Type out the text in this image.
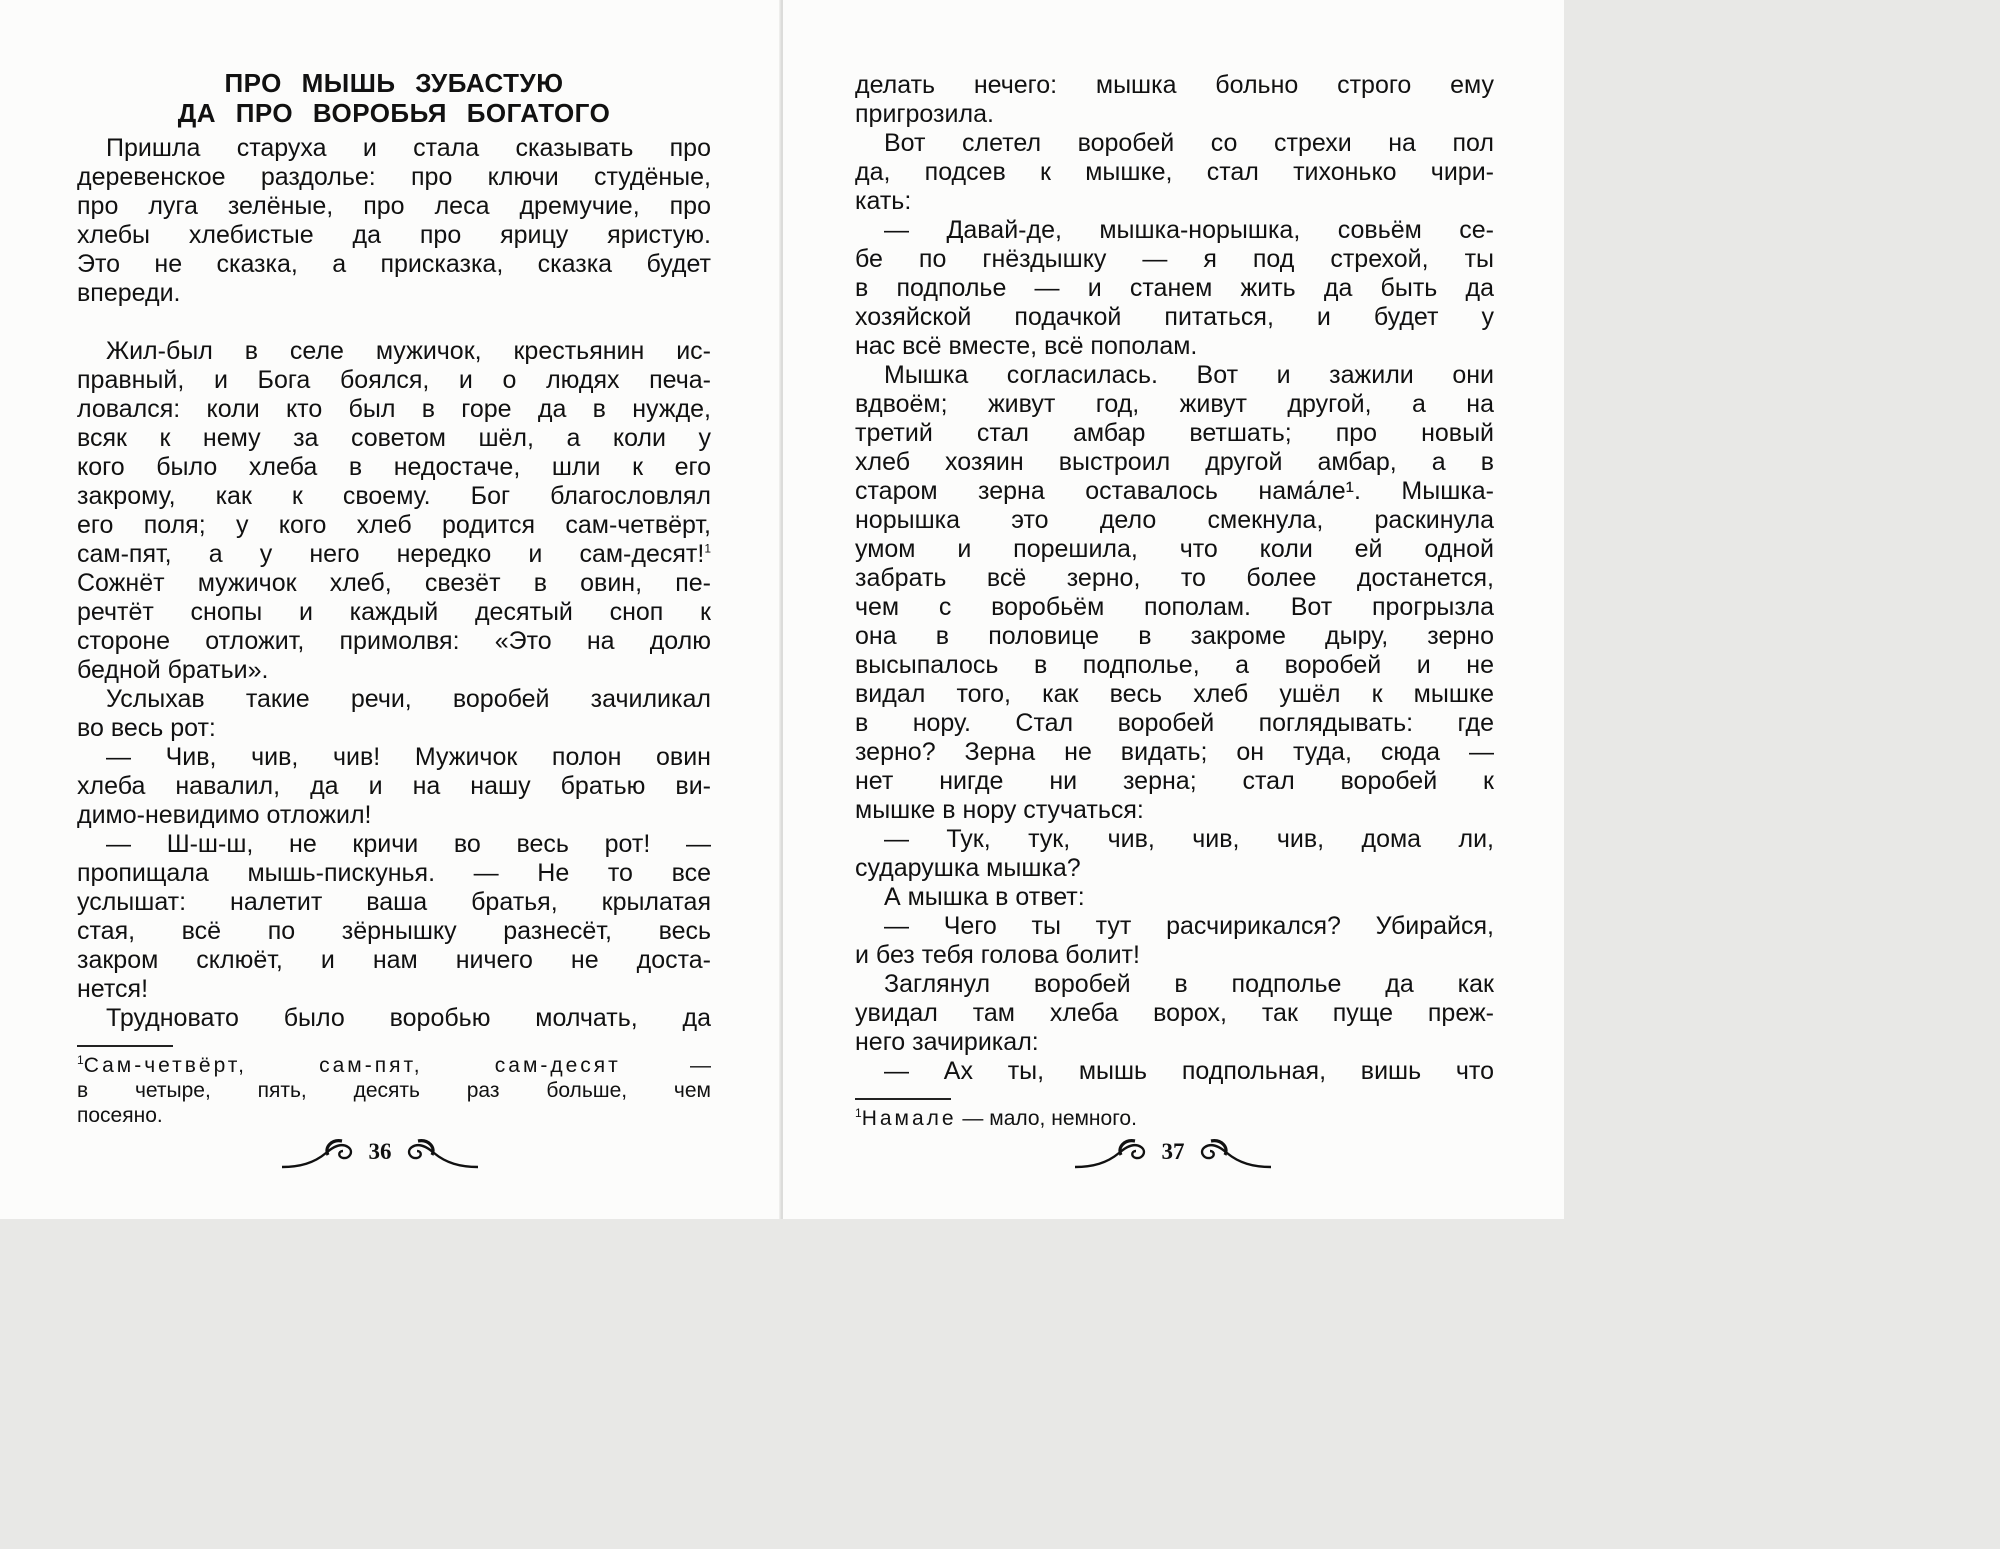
ПРО МЫШЬ ЗУБАСТУЮ
ДА ПРО ВОРОБЬЯ БОГАТОГО
Пришла старуха и стала сказывать про
деревенское раздолье: про ключи студёные,
про луга зелёные, про леса дремучие, про
хлебы хлебистые да про ярицу яристую.
Это не сказка, а присказка, сказка будет
впереди.
Жил-был в селе мужичок, крестьянин ис-
правный, и Бога боялся, и о людях печа-
ловался: коли кто был в горе да в нужде,
всяк к нему за советом шёл, а коли у
кого было хлеба в недостаче, шли к его
закрому, как к своему. Бог благословлял
его поля; у кого хлеб родится сам-четвёрт,
сам-пят, а у него нередко и сам-десят!$^1$
Сожнёт мужичок хлеб, свезёт в овин, пе-
речтёт снопы и каждый десятый сноп к
стороне отложит, примолвя: «Это на долю
бедной братьи».
Услыхав такие речи, воробей зачиликал
во весь рот:
— Чив, чив, чив! Мужичок полон овин
хлеба навалил, да и на нашу братью ви-
димо-невидимо отложил!
— Ш-ш-ш, не кричи во весь рот! —
пропищала мышь-пискунья. — Не то все
услышат: налетит ваша братья, крылатая
стая, всё по зёрнышку разнесёт, весь
закром склюёт, и нам ничего не доста-
нется!
Трудновато было воробью молчать, да
$^1$Сам-четвёрт, сам-пят, сам-десят —
в четыре, пять, десять раз больше, чем
посеяно.
36
делать нечего: мышка больно строго ему
пригрозила.
Вот слетел воробей со стрехи на пол
да, подсев к мышке, стал тихонько чири-
кать:
— Давай-де, мышка-норышка, совьём се-
бе по гнёздышку — я под стрехой, ты
в подполье — и станем жить да быть да
хозяйской подачкой питаться, и будет у
нас всё вместе, всё пополам.
Мышка согласилась. Вот и зажили они
вдвоём; живут год, живут другой, а на
третий стал амбар ветшать; про новый
хлеб хозяин выстроил другой амбар, а в
старом зерна оставалось нама́ле¹. Мышка-
норышка это дело смекнула, раскинула
умом и порешила, что коли ей одной
забрать всё зерно, то более достанется,
чем с воробьём пополам. Вот прогрызла
она в половице в закроме дыру, зерно
высыпалось в подполье, а воробей и не
видал того, как весь хлеб ушёл к мышке
в нору. Стал воробей поглядывать: где
зерно? Зерна не видать; он туда, сюда —
нет нигде ни зерна; стал воробей к
мышке в нору стучаться:
— Тук, тук, чив, чив, чив, дома ли,
сударушка мышка?
А мышка в ответ:
— Чего ты тут расчирикался? Убирайся,
и без тебя голова болит!
Заглянул воробей в подполье да как
увидал там хлеба ворох, так пуще преж-
него зачирикал:
— Ах ты, мышь подпольная, вишь что
$^1$Намале — мало, немного.
37
